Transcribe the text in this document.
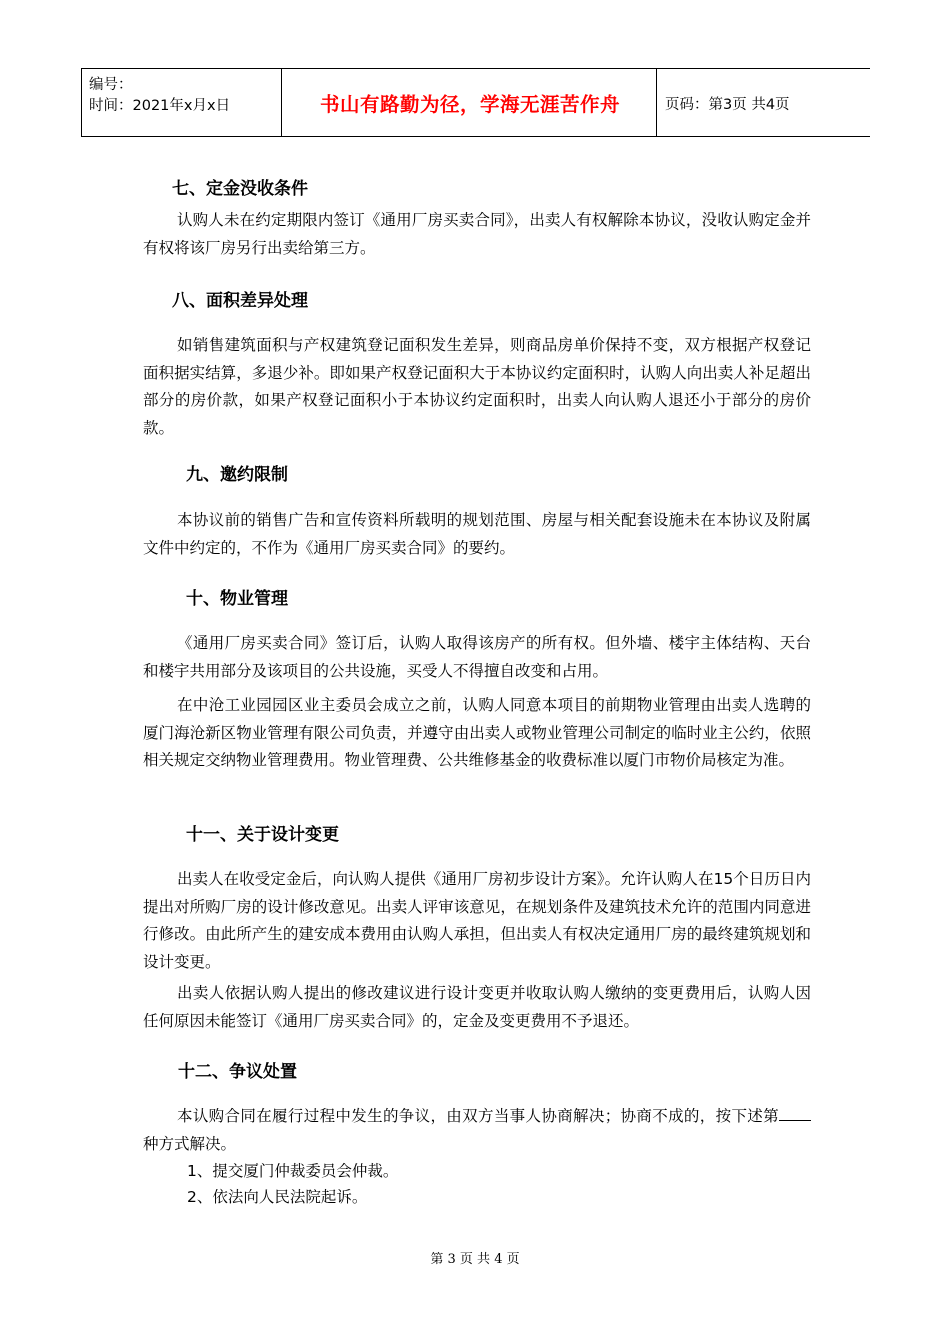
编号：
时间：2021年x月x日	书山有路勤为径，学海无涯苦作舟	页码：第3页 共4页
七、定金没收条件

认购人未在约定期限内签订《通用厂房买卖合同》，出卖人有权解除本协议，没收认购定金并有权将该厂房另行出卖给第三方。

八、面积差异处理

如销售建筑面积与产权建筑登记面积发生差异，则商品房单价保持不变，双方根据产权登记面积据实结算，多退少补。即如果产权登记面积大于本协议约定面积时，认购人向出卖人补足超出部分的房价款，如果产权登记面积小于本协议约定面积时，出卖人向认购人退还小于部分的房价款。

九、邀约限制

本协议前的销售广告和宣传资料所载明的规划范围、房屋与相关配套设施未在本协议及附属文件中约定的，不作为《通用厂房买卖合同》的要约。

十、物业管理

《通用厂房买卖合同》签订后，认购人取得该房产的所有权。但外墙、楼宇主体结构、天台和楼宇共用部分及该项目的公共设施，买受人不得擅自改变和占用。

在中沧工业园园区业主委员会成立之前，认购人同意本项目的前期物业管理由出卖人选聘的厦门海沧新区物业管理有限公司负责，并遵守由出卖人或物业管理公司制定的临时业主公约，依照相关规定交纳物业管理费用。物业管理费、公共维修基金的收费标准以厦门市物价局核定为准。

十一、关于设计变更

出卖人在收受定金后，向认购人提供《通用厂房初步设计方案》。允许认购人在15个日历日内提出对所购厂房的设计修改意见。出卖人评审该意见，在规划条件及建筑技术允许的范围内同意进行修改。由此所产生的建安成本费用由认购人承担，但出卖人有权决定通用厂房的最终建筑规划和设计变更。

出卖人依据认购人提出的修改建议进行设计变更并收取认购人缴纳的变更费用后，认购人因任何原因未能签订《通用厂房买卖合同》的，定金及变更费用不予退还。

十二、争议处置

本认购合同在履行过程中发生的争议，由双方当事人协商解决；协商不成的，按下述第 种方式解决。

1、提交厦门仲裁委员会仲裁。
2、依法向人民法院起诉。
第 3 页 共 4 页
